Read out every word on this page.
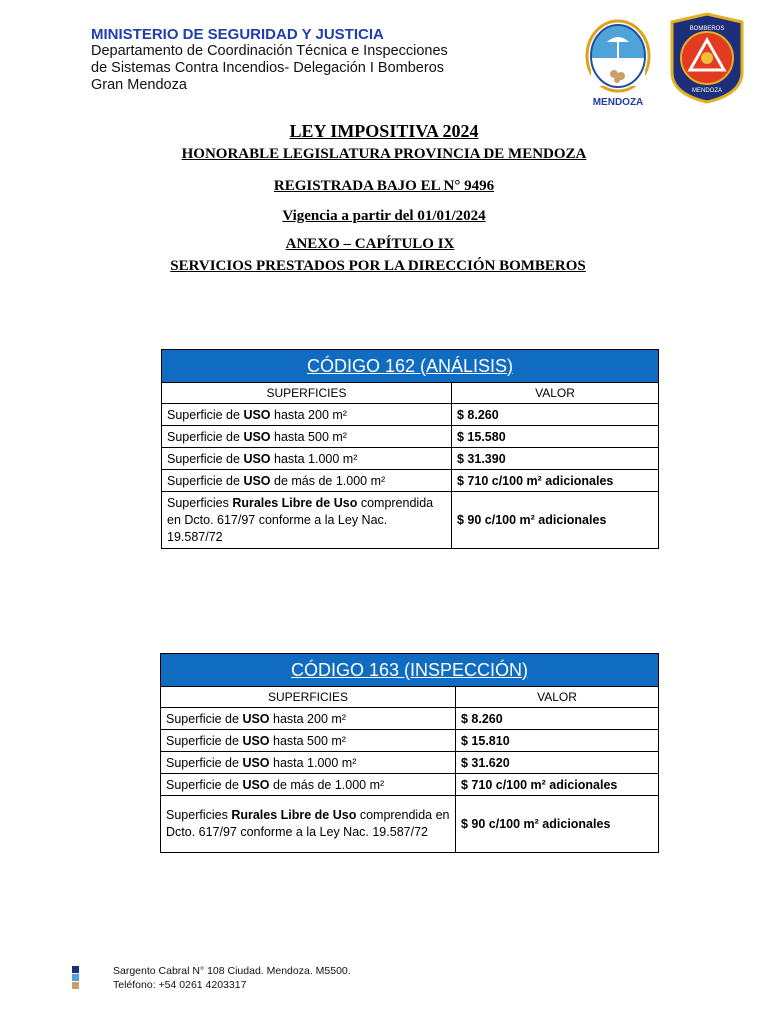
MINISTERIO DE SEGURIDAD Y JUSTICIA
Departamento de Coordinación Técnica e Inspecciones
de Sistemas Contra Incendios- Delegación I Bomberos
Gran Mendoza
MENDOZA
BOMBEROS
MENDOZA
LEY IMPOSITIVA 2024
HONORABLE LEGISLATURA PROVINCIA DE MENDOZA
REGISTRADA BAJO EL N° 9496
Vigencia a partir del 01/01/2024
ANEXO – CAPÍTULO IX
SERVICIOS PRESTADOS POR LA DIRECCIÓN BOMBEROS
CÓDIGO 162 (ANÁLISIS)	
SUPERFICIES	VALOR
Superficie de USO hasta 200 m²	$ 8.260
Superficie de USO hasta 500 m²	$ 15.580
Superficie de USO hasta 1.000 m²	$ 31.390
Superficie de USO de más de 1.000 m²	$ 710 c/100 m² adicionales
Superficies Rurales Libre de Uso comprendida en Dcto. 617/97 conforme a la Ley Nac. 19.587/72	$ 90 c/100 m² adicionales
CÓDIGO 163 (INSPECCIÓN)	
SUPERFICIES	VALOR
Superficie de USO hasta 200 m²	$ 8.260
Superficie de USO hasta 500 m²	$ 15.810
Superficie de USO hasta 1.000 m²	$ 31.620
Superficie de USO de más de 1.000 m²	$ 710 c/100 m² adicionales
Superficies Rurales Libre de Uso comprendida en Dcto. 617/97 conforme a la Ley Nac. 19.587/72	$ 90 c/100 m² adicionales
Sargento Cabral N° 108 Ciudad. Mendoza. M5500.
Teléfono: +54 0261 4203317
